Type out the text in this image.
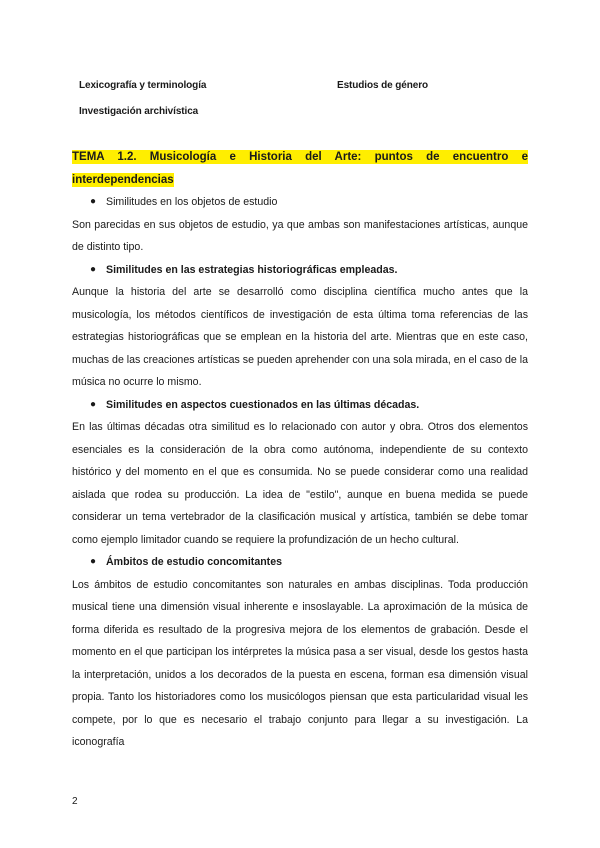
Lexicografía y terminología	Estudios de género
Investigación archivística
TEMA 1.2. Musicología e Historia del Arte: puntos de encuentro e interdependencias
● Similitudes en los objetos de estudio

Son parecidas en sus objetos de estudio, ya que ambas son manifestaciones artísticas, aunque de distinto tipo.

● Similitudes en las estrategias historiográficas empleadas.

Aunque la historia del arte se desarrolló como disciplina científica mucho antes que la musicología, los métodos científicos de investigación de esta última toma referencias de las estrategias historiográficas que se emplean en la historia del arte. Mientras que en este caso, muchas de las creaciones artísticas se pueden aprehender con una sola mirada, en el caso de la música no ocurre lo mismo.

● Similitudes en aspectos cuestionados en las últimas décadas.

En las últimas décadas otra similitud es lo relacionado con autor y obra. Otros dos elementos esenciales es la consideración de la obra como autónoma, independiente de su contexto histórico y del momento en el que es consumida. No se puede considerar como una realidad aislada que rodea su producción. La idea de "estilo", aunque en buena medida se puede considerar un tema vertebrador de la clasificación musical y artística, también se debe tomar como ejemplo limitador cuando se requiere la profundización de un hecho cultural.

● Ámbitos de estudio concomitantes

Los ámbitos de estudio concomitantes son naturales en ambas disciplinas. Toda producción musical tiene una dimensión visual inherente e insoslayable. La aproximación de la música de forma diferida es resultado de la progresiva mejora de los elementos de grabación. Desde el momento en el que participan los intérpretes la música pasa a ser visual, desde los gestos hasta la interpretación, unidos a los decorados de la puesta en escena, forman esa dimensión visual propia. Tanto los historiadores como los musicólogos piensan que esta particularidad visual les compete, por lo que es necesario el trabajo conjunto para llegar a su investigación. La iconografía

2
